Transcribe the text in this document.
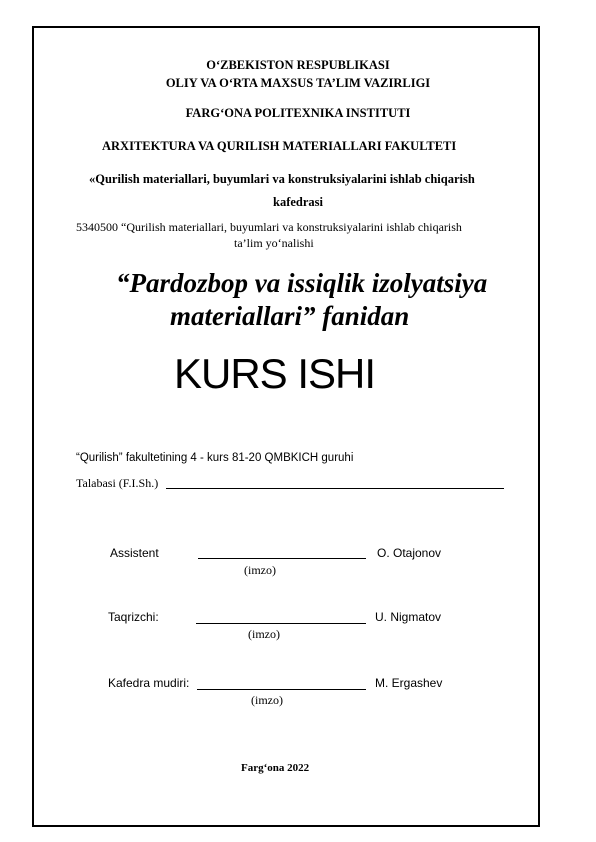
O‘ZBEKISTON RESPUBLIKASI
OLIY VA O‘RTA MAXSUS TA’LIM VAZIRLIGI
FARG‘ONA POLITEXNIKA INSTITUTI
ARXITEKTURA VA QURILISH MATERIALLARI FAKULTETI
«Qurilish materiallari, buyumlari va konstruksiyalarini ishlab chiqarish
kafedrasi
5340500 “Qurilish materiallari, buyumlari va konstruksiyalarini ishlab chiqarish
ta’lim yo‘nalishi
“Pardozbop va issiqlik izolyatsiya
materiallari” fanidan
KURS ISHI
“Qurilish” fakultetining 4 - kurs 81-20 QMBKICH guruhi
Talabasi (F.I.Sh.)
Assistent	O. Otajonov
(imzo)
Taqrizchi:	U. Nigmatov
(imzo)
Kafedra mudiri:	M. Ergashev
(imzo)
Farg‘ona 2022
